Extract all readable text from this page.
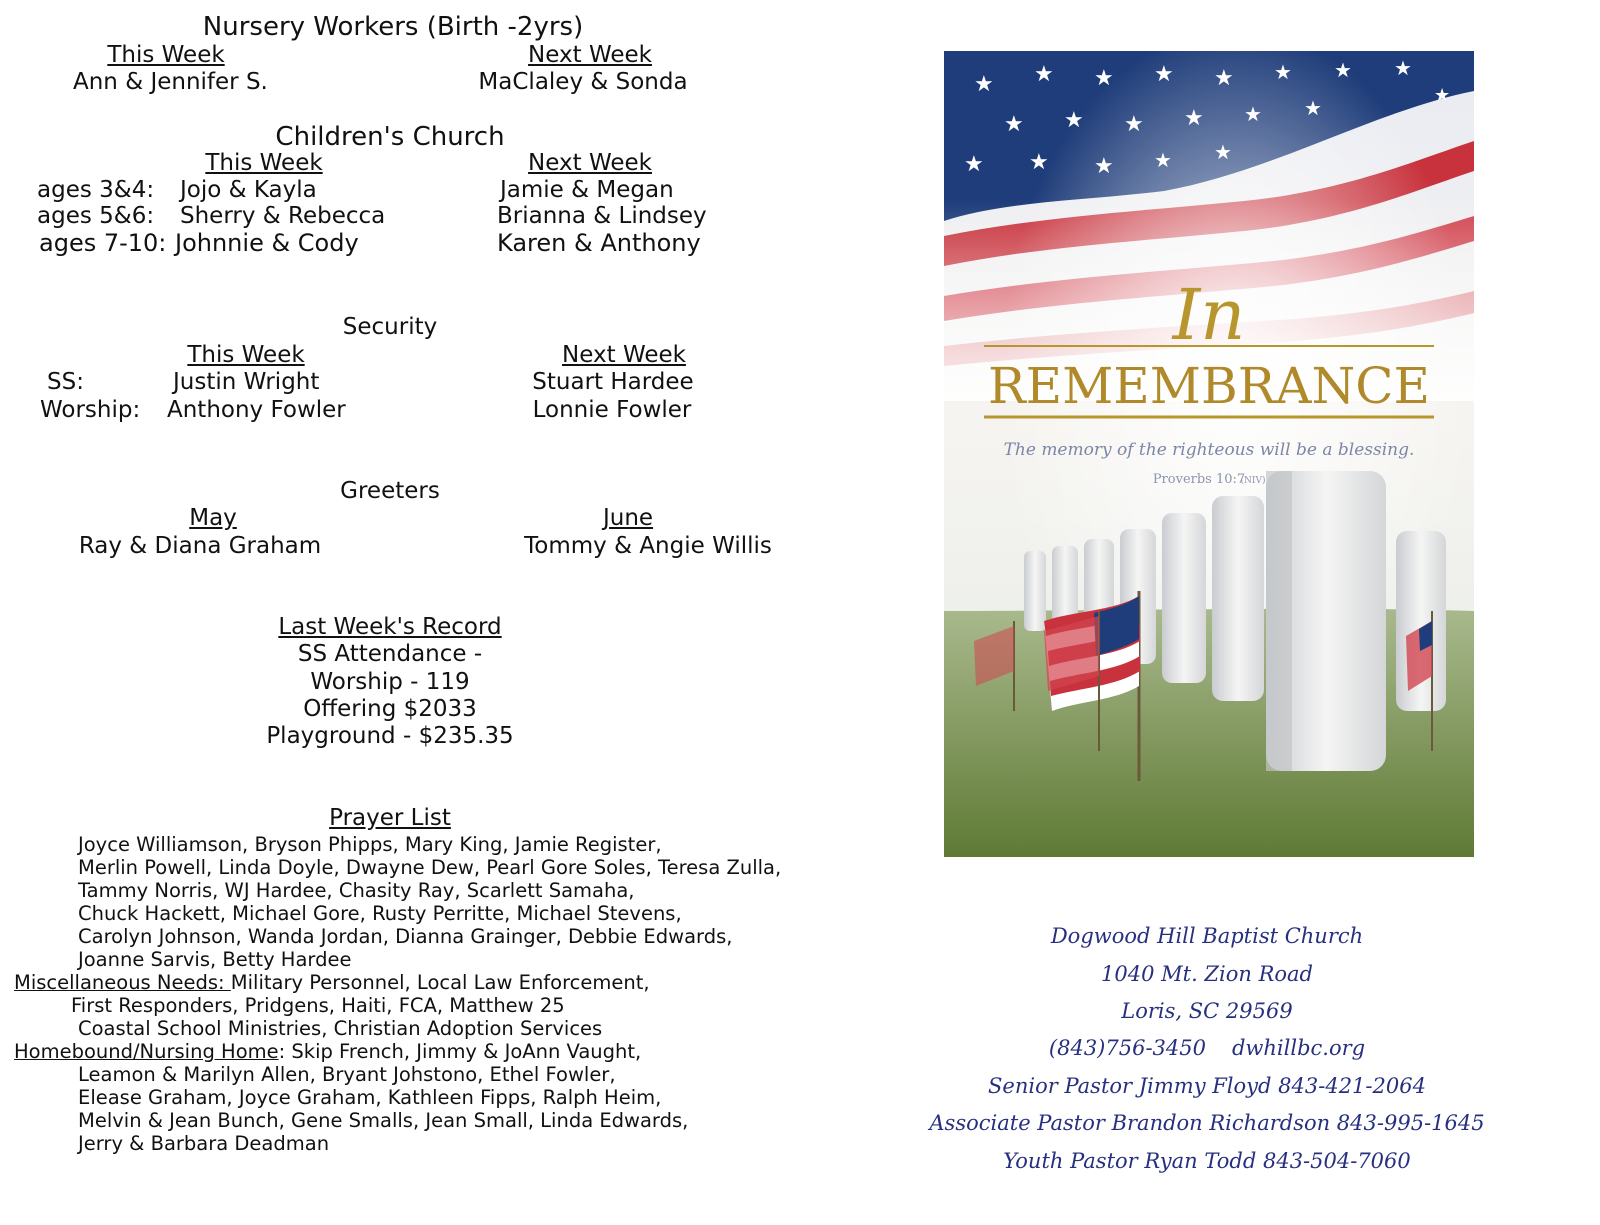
Nursery Workers (Birth -2yrs)
This Week	Next Week
Ann & Jennifer S.	MaClaley & Sonda
Children's Church
This Week	Next Week
ages 3&4: Jojo & Kayla	Jamie & Megan
ages 5&6: Sherry & Rebecca	Brianna & Lindsey
ages 7-10: Johnnie & Cody	Karen & Anthony
Security
This Week	Next Week
SS:	Justin Wright	Stuart Hardee
Worship: Anthony Fowler	Lonnie Fowler
Greeters
May	June
Ray & Diana Graham	Tommy & Angie Willis
Last Week's Record
SS Attendance -
Worship - 119
Offering $2033
Playground - $235.35
Prayer List
Joyce Williamson, Bryson Phipps, Mary King, Jamie Register,
Merlin Powell, Linda Doyle, Dwayne Dew, Pearl Gore Soles, Teresa Zulla,
Tammy Norris, WJ Hardee, Chasity Ray, Scarlett Samaha,
Chuck Hackett, Michael Gore, Rusty Perritte, Michael Stevens,
Carolyn Johnson, Wanda Jordan, Dianna Grainger, Debbie Edwards,
Joanne Sarvis, Betty Hardee
Miscellaneous Needs: Military Personnel, Local Law Enforcement,
First Responders, Pridgens, Haiti, FCA, Matthew 25
Coastal School Ministries, Christian Adoption Services
Homebound/Nursing Home: Skip French, Jimmy & JoAnn Vaught,
Leamon & Marilyn Allen, Bryant Johstono, Ethel Fowler,
Elease Graham, Joyce Graham, Kathleen Fipps, Ralph Heim,
Melvin & Jean Bunch, Gene Smalls, Jean Small, Linda Edwards,
Jerry & Barbara Deadman
In
REMEMBRANCE
The memory of the righteous will be a blessing.
Proverbs 10:7
(NIV)
Dogwood Hill Baptist Church
1040 Mt. Zion Road
Loris, SC 29569
(843)756-3450 dwhillbc.org
Senior Pastor Jimmy Floyd 843-421-2064
Associate Pastor Brandon Richardson 843-995-1645
Youth Pastor Ryan Todd 843-504-7060
